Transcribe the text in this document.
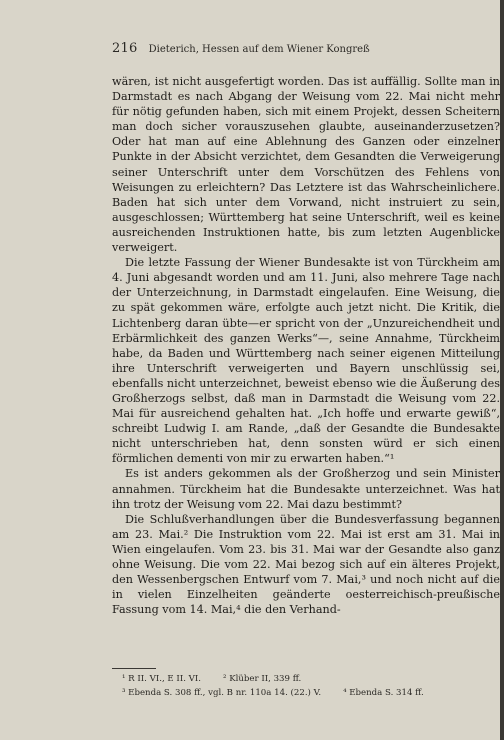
216 Dieterich, Hessen auf dem Wiener Kongreß

wären, ist nicht ausgefertigt worden. Das ist auffällig. Sollte man in Darmstadt es nach Abgang der Weisung vom 22. Mai nicht mehr für nötig gefunden haben, sich mit einem Projekt, dessen Scheitern man doch sicher vorauszusehen glaubte, auseinanderzusetzen? Oder hat man auf eine Ablehnung des Ganzen oder einzelner Punkte in der Absicht verzichtet, dem Gesandten die Verweigerung seiner Unterschrift unter dem Vorschützen des Fehlens von Weisungen zu erleichtern? Das Letztere ist das Wahrscheinlichere. Baden hat sich unter dem Vorwand, nicht instruiert zu sein, ausgeschlossen; Württemberg hat seine Unterschrift, weil es keine ausreichenden Instruktionen hatte, bis zum letzten Augenblicke verweigert.

Die letzte Fassung der Wiener Bundesakte ist von Türckheim am 4. Juni abgesandt worden und am 11. Juni, also mehrere Tage nach der Unterzeichnung, in Darmstadt eingelaufen. Eine Weisung, die zu spät gekommen wäre, erfolgte auch jetzt nicht. Die Kritik, die Lichtenberg daran übte—er spricht von der „Unzureichendheit und Erbärmlichkeit des ganzen Werks“—, seine Annahme, Türckheim habe, da Baden und Württemberg nach seiner eigenen Mitteilung ihre Unterschrift verweigerten und Bayern unschlüssig sei, ebenfalls nicht unterzeichnet, beweist ebenso wie die Äußerung des Großherzogs selbst, daß man in Darmstadt die Weisung vom 22. Mai für ausreichend gehalten hat. „Ich hoffe und erwarte gewiß“, schreibt Ludwig I. am Rande, „daß der Gesandte die Bundesakte nicht unterschrieben hat, denn sonsten würd er sich einen förmlichen dementi von mir zu erwarten haben.“¹

Es ist anders gekommen als der Großherzog und sein Minister annahmen. Türckheim hat die Bundesakte unterzeichnet. Was hat ihn trotz der Weisung vom 22. Mai dazu bestimmt?

Die Schlußverhandlungen über die Bundesverfassung begannen am 23. Mai.² Die Instruktion vom 22. Mai ist erst am 31. Mai in Wien eingelaufen. Vom 23. bis 31. Mai war der Gesandte also ganz ohne Weisung. Die vom 22. Mai bezog sich auf ein älteres Projekt, den Wessenbergschen Entwurf vom 7. Mai,³ und noch nicht auf die in vielen Einzelheiten geänderte oesterreichisch-preußische Fassung vom 14. Mai,⁴ die den Verhand-

¹ R II. VI., E II. VI.	² Klüber II, 339 ff.
³ Ebenda S. 308 ff., vgl. B nr. 110a 14. (22.) V.	⁴ Ebenda S. 314 ff.
